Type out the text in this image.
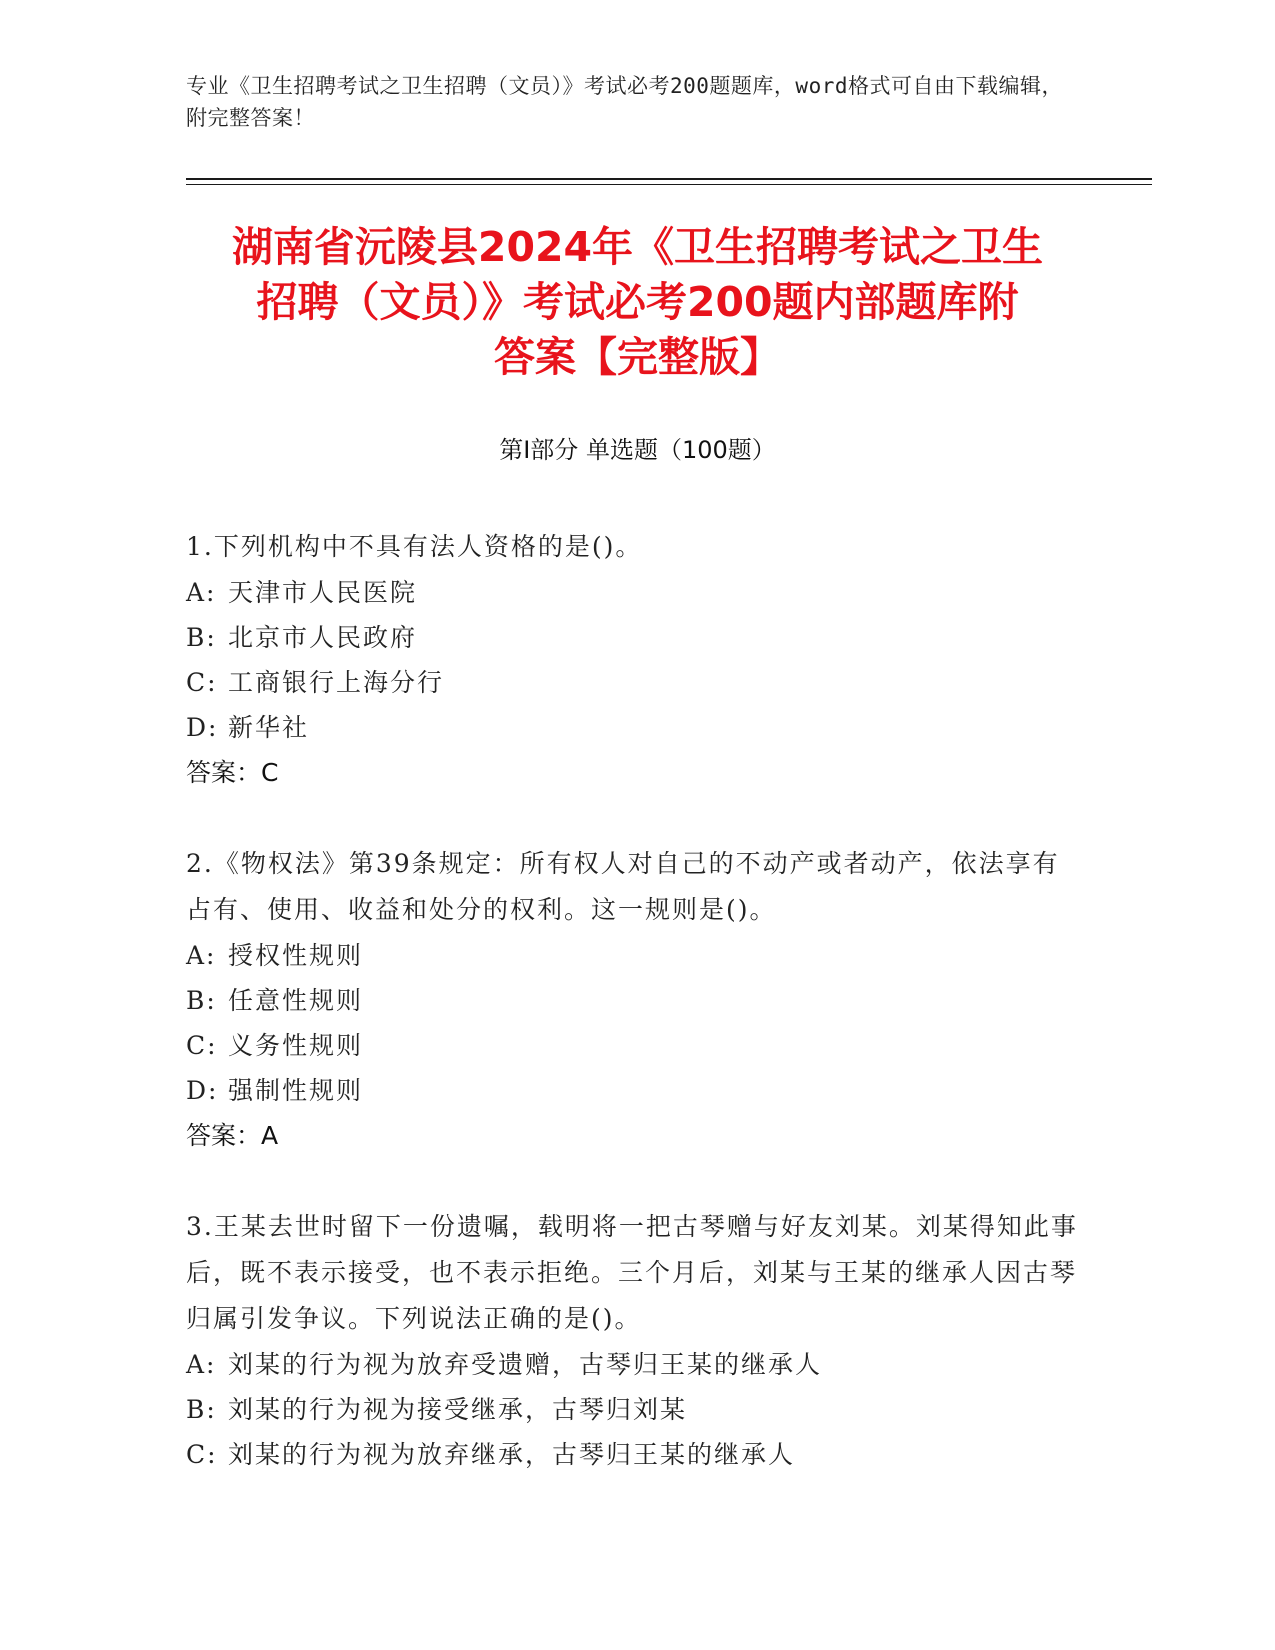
专业《卫生招聘考试之卫生招聘（文员）》考试必考200题题库，word格式可自由下载编辑，附完整答案！
湖南省沅陵县2024年《卫生招聘考试之卫生
招聘（文员）》考试必考200题内部题库附
答案【完整版】
第I部分 单选题（100题）
1.下列机构中不具有法人资格的是()。
A: 天津市人民医院
B: 北京市人民政府
C: 工商银行上海分行
D: 新华社
答案：C
2.《物权法》第39条规定：所有权人对自己的不动产或者动产，依法享有占有、使用、收益和处分的权利。这一规则是()。
A: 授权性规则
B: 任意性规则
C: 义务性规则
D: 强制性规则
答案：A
3.王某去世时留下一份遗嘱，载明将一把古琴赠与好友刘某。刘某得知此事后，既不表示接受，也不表示拒绝。三个月后，刘某与王某的继承人因古琴归属引发争议。下列说法正确的是()。
A: 刘某的行为视为放弃受遗赠，古琴归王某的继承人
B: 刘某的行为视为接受继承，古琴归刘某
C: 刘某的行为视为放弃继承，古琴归王某的继承人
